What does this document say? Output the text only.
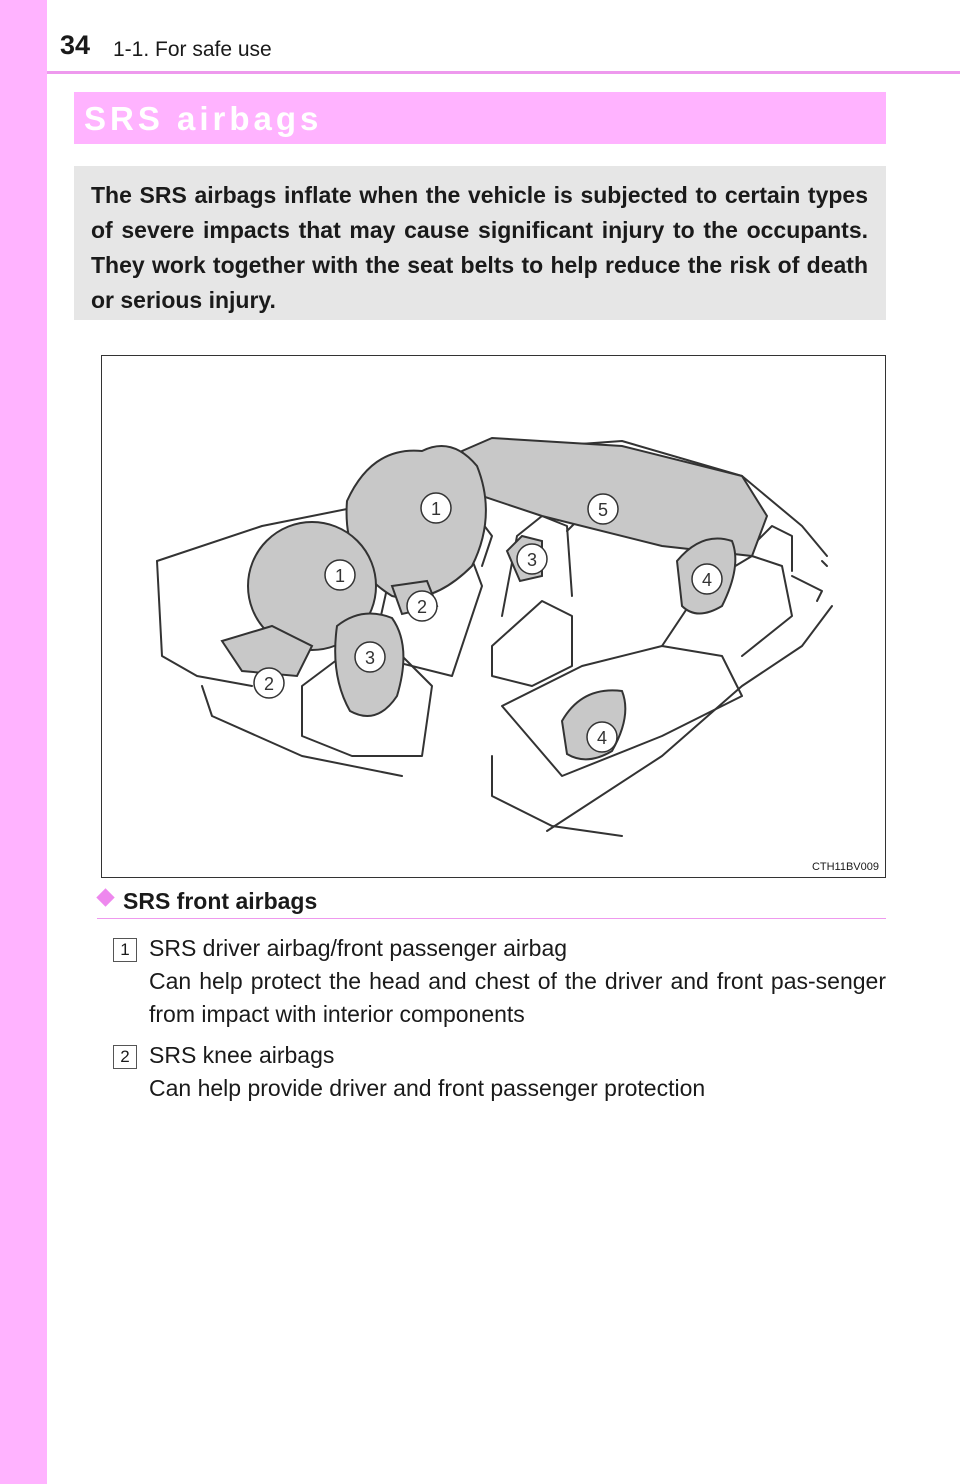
34 1-1. For safe use
SRS airbags

The SRS airbags inflate when the vehicle is subjected to certain types of severe impacts that may cause significant injury to the occupants. They work together with the seat belts to help reduce the risk of death or serious injury.

1	5
3
1	4
2
3
2
4
CTH11BV009
SRS front airbags
1 SRS driver airbag/front passenger airbag

Can help protect the head and chest of the driver and front pas-senger from impact with interior components

2 SRS knee airbags

Can help provide driver and front passenger protection
